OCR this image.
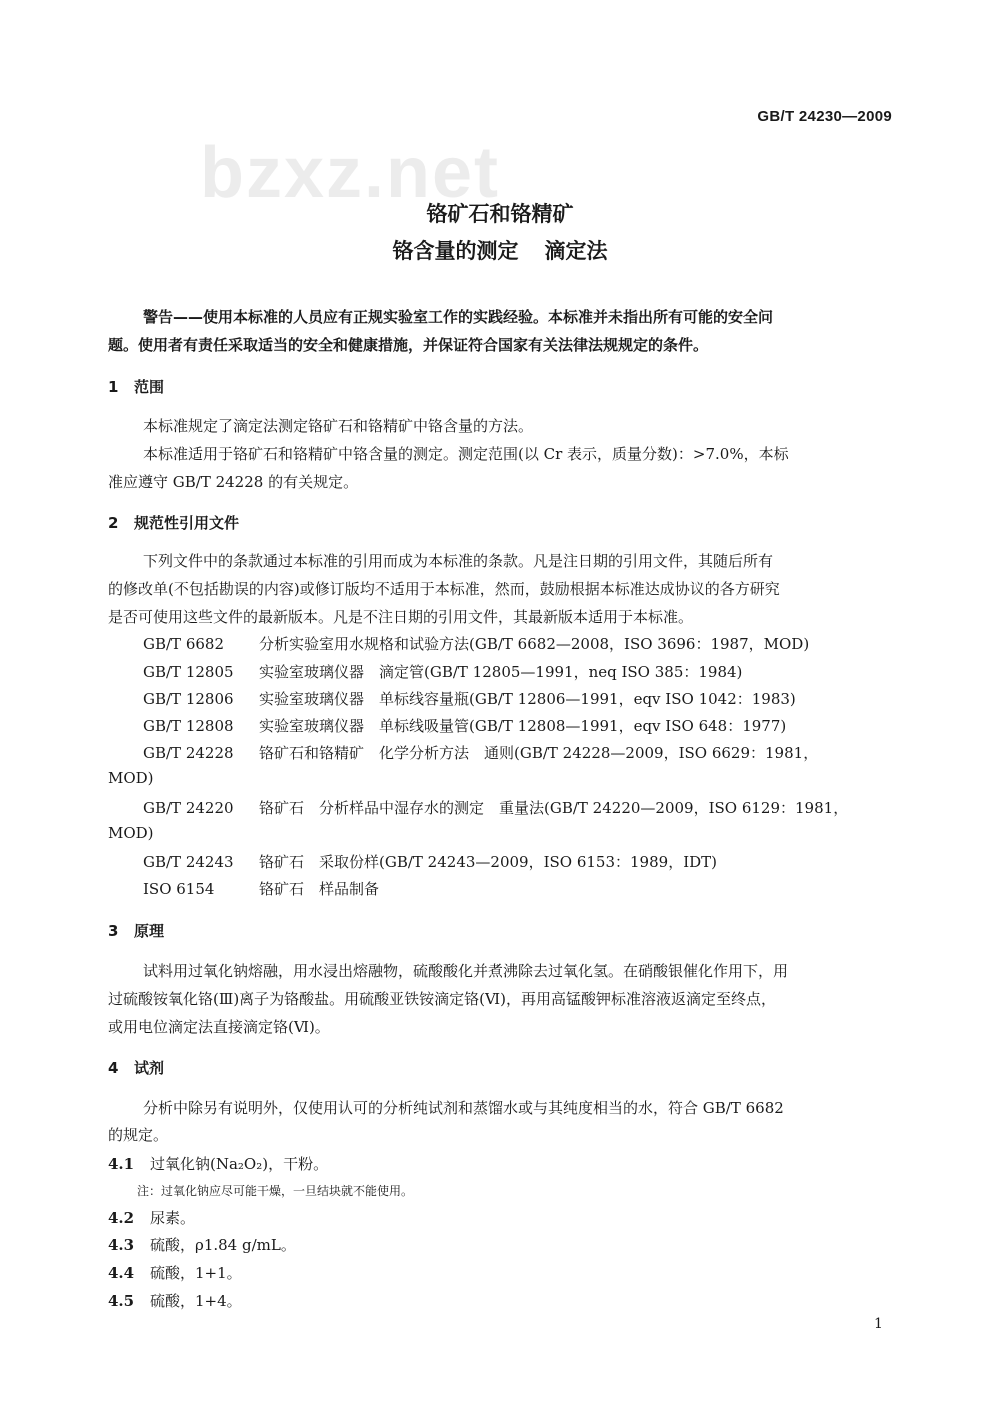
bzxz.net
GB/T 24230—2009
铬矿石和铬精矿
铬含量的测定 滴定法
警告——使用本标准的人员应有正规实验室工作的实践经验。本标准并未指出所有可能的安全问
题。使用者有责任采取适当的安全和健康措施，并保证符合国家有关法律法规规定的条件。
1 范围
本标准规定了滴定法测定铬矿石和铬精矿中铬含量的方法。
本标准适用于铬矿石和铬精矿中铬含量的测定。测定范围(以 Cr 表示，质量分数)：>7.0%，本标
准应遵守 GB/T 24228 的有关规定。
2 规范性引用文件
下列文件中的条款通过本标准的引用而成为本标准的条款。凡是注日期的引用文件，其随后所有
的修改单(不包括勘误的内容)或修订版均不适用于本标准，然而，鼓励根据本标准达成协议的各方研究
是否可使用这些文件的最新版本。凡是不注日期的引用文件，其最新版本适用于本标准。
GB/T 6682 分析实验室用水规格和试验方法(GB/T 6682—2008，ISO 3696：1987，MOD)
GB/T 12805 实验室玻璃仪器　滴定管(GB/T 12805—1991，neq ISO 385：1984)
GB/T 12806 实验室玻璃仪器　单标线容量瓶(GB/T 12806—1991，eqv ISO 1042：1983)
GB/T 12808 实验室玻璃仪器　单标线吸量管(GB/T 12808—1991，eqv ISO 648：1977)
GB/T 24228 铬矿石和铬精矿　化学分析方法　通则(GB/T 24228—2009，ISO 6629：1981，
MOD)
GB/T 24220 铬矿石　分析样品中湿存水的测定　重量法(GB/T 24220—2009，ISO 6129：1981，
MOD)
GB/T 24243 铬矿石　采取份样(GB/T 24243—2009，ISO 6153：1989，IDT)
ISO 6154	铬矿石　样品制备
3 原理
试料用过氧化钠熔融，用水浸出熔融物，硫酸酸化并煮沸除去过氧化氢。在硝酸银催化作用下，用
过硫酸铵氧化铬(Ⅲ)离子为铬酸盐。用硫酸亚铁铵滴定铬(Ⅵ)，再用高锰酸钾标准溶液返滴定至终点，
或用电位滴定法直接滴定铬(Ⅵ)。
4 试剂
分析中除另有说明外，仅使用认可的分析纯试剂和蒸馏水或与其纯度相当的水，符合 GB/T 6682
的规定。
4.1 过氧化钠(Na₂O₂)，干粉。
注：过氧化钠应尽可能干燥，一旦结块就不能使用。
4.2 尿素。
4.3 硫酸，ρ1.84 g/mL。
4.4 硫酸，1+1。
4.5 硫酸，1+4。
1
